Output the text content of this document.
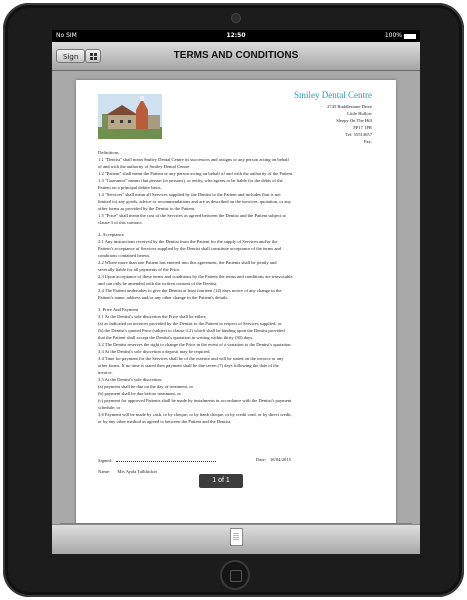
No SIM	12:50	100%
Sign	TERMS AND CONDITIONS
Smiley Dental Centre
2745 Ruddlestone Drive
Little Hollow
Sleepy On The Hill
FP17 1PR
Tel: 55513657
Fax:

Definitions

1.1 "Dentist" shall mean Smiley Dental Centre its successors and assigns or any person acting on behalf

of and with the authority of Smiley Dental Centre

1.2 "Patient" shall mean the Patient or any person acting on behalf of and with the authority of the Patient.

1.3 "Guarantor" means that person (or persons), or entity, who agrees to be liable for the debts of the

Patient on a principal debtor basis.

1.4 "Services" shall mean all Services supplied by the Dentist to the Patient and includes (but is not

limited to) any goods, advice or recommendations and are as described on the invoices, quotation, or any

other forms as provided by the Dentist to the Patient.

1.5 "Price" shall mean the cost of the Services as agreed between the Dentist and the Patient subject to

clause 3 of this contract.

2. Acceptance

2.1 Any instructions received by the Dentist from the Patient for the supply of Services and/or the

Patient's acceptance of Services supplied by the Dentist shall constitute acceptance of the terms and

conditions contained herein.

2.2 Where more than one Patient has entered into this agreement, the Patients shall be jointly and

severally liable for all payments of the Price.

2.3 Upon acceptance of these terms and conditions by the Patient the terms and conditions are irrevocable

and can only be amended with the written consent of the Dentist.

2.4 The Patient undertakes to give the Dentist at least fourteen (14) days notice of any change in the

Patient's name, address and/or any other change in the Patient's details.

3. Price And Payment

3.1 At the Dentist's sole discretion the Price shall be either;

(a) as indicated on invoices provided by the Dentist to the Patient in respect of Services supplied; or

(b) the Dentist's quoted Price (subject to clause 3.2) which shall be binding upon the Dentist provided

that the Patient shall accept the Dentist's quotation in writing within thirty (30) days.

3.2 The Dentist reserves the right to change the Price in the event of a variation to the Dentist's quotation.

3.3 At the Dentist's sole discretion a deposit may be required.

3.4 Time for payment for the Services shall be of the essence and will be stated on the invoice or any

other forms. If no time is stated then payment shall be due seven (7) days following the date of the

invoice.

3.5 At the Dentist's sole discretion;

(a) payment shall be due on the day of treatment, or

(b) payment shall be due before treatment, or

(c) payment for approved Patients shall be made by instalments in accordance with the Dentist's payment

schedule; or

3.6 Payment will be made by cash, or by cheque, or by bank cheque, or by credit card, or by direct credit,

or by any other method as agreed to between the Patient and the Dentist.

Signed:	Date: 16/04/2015
Name: Mrs Ayala Tallthicket
1 of 1
